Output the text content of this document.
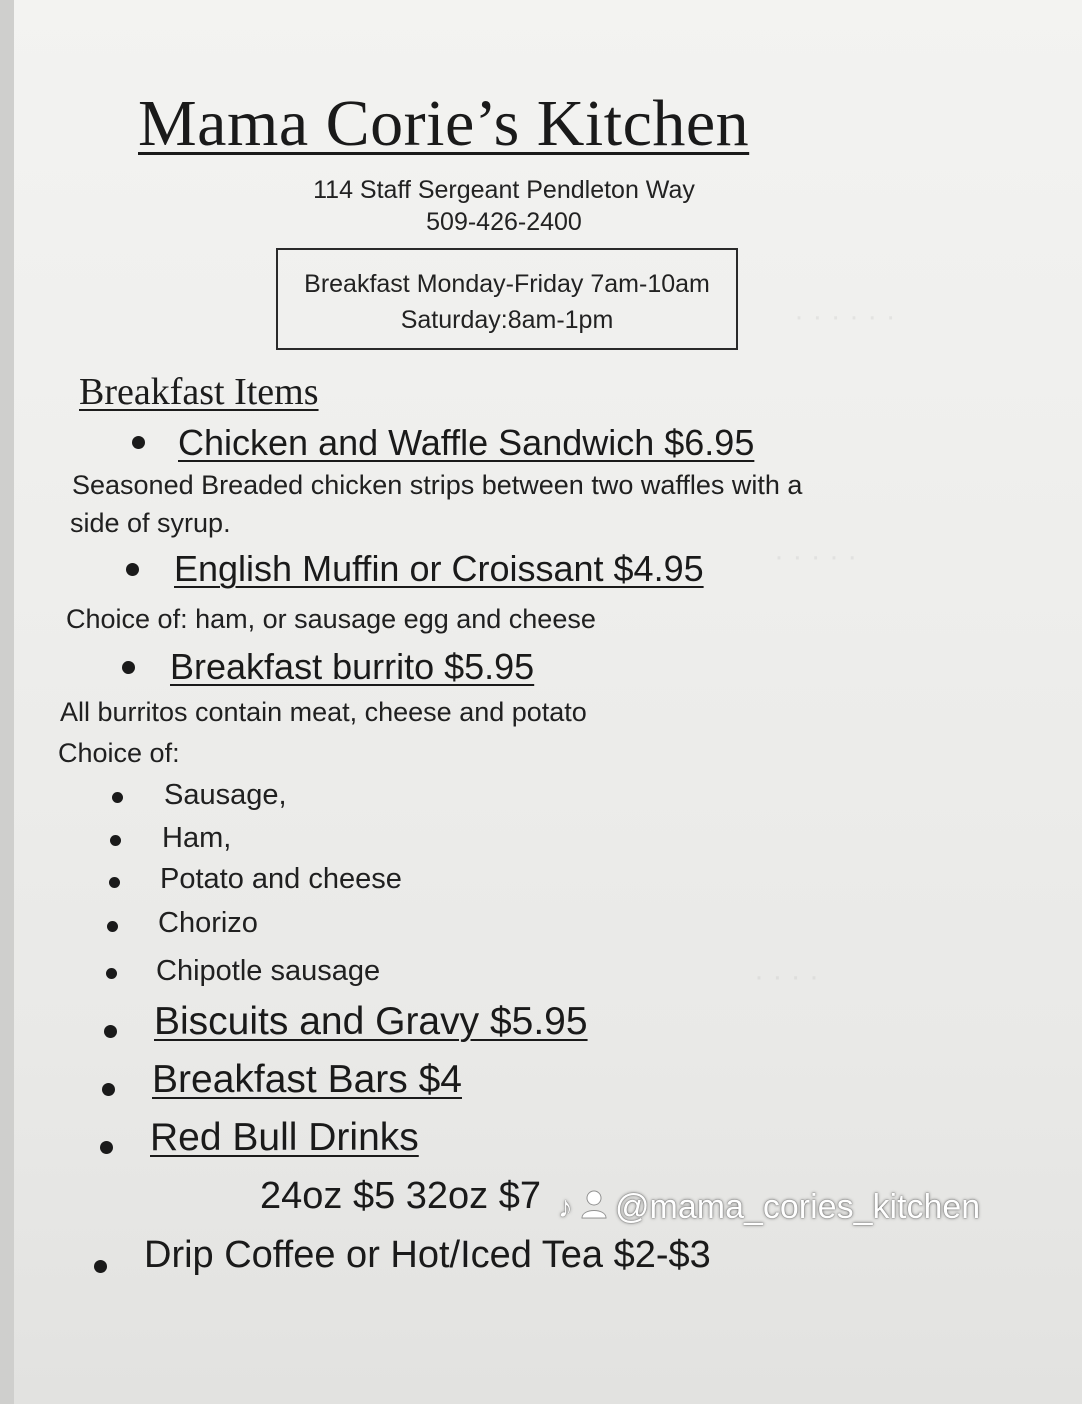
· · · · · ·
· · · · ·
· · · ·
Mama Corie’s Kitchen
114 Staff Sergeant Pendleton Way
509-426-2400
Breakfast Monday-Friday 7am-10am
Saturday:8am-1pm
Breakfast Items
Chicken and Waffle Sandwich $6.95
Seasoned Breaded chicken strips between two waffles with a
side of syrup.
English Muffin or Croissant $4.95
Choice of: ham, or sausage egg and cheese
Breakfast burrito $5.95
All burritos contain meat, cheese and potato
Choice of:
Sausage,
Ham,
Potato and cheese
Chorizo
Chipotle sausage
Biscuits and Gravy $5.95
Breakfast Bars $4
Red Bull Drinks
24oz $5 32oz $7
Drip Coffee or Hot/Iced Tea $2-$3
♪ @mama_cories_kitchen
